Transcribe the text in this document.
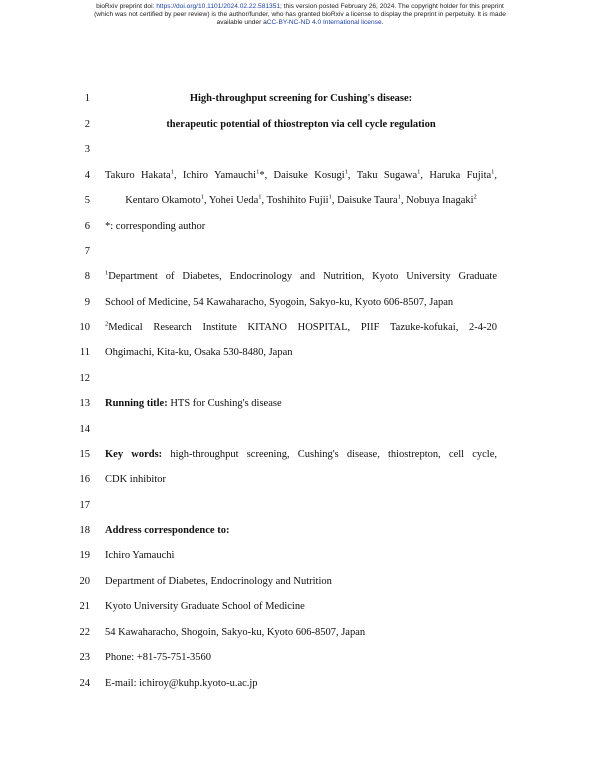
bioRxiv preprint doi: https://doi.org/10.1101/2024.02.22.581351; this version posted February 26, 2024. The copyright holder for this preprint
(which was not certified by peer review) is the author/funder, who has granted bioRxiv a license to display the preprint in perpetuity. It is made
available under aCC-BY-NC-ND 4.0 International license.
1
2
3
4
5
6
7
8
9
10
11
12
13
14
15
16
17
18
19
20
21
22
23
24
High-throughput screening for Cushing's disease:
therapeutic potential of thiostrepton via cell cycle regulation
Takuro Hakata$^1$, Ichiro Yamauchi$^1$*, Daisuke Kosugi$^1$, Taku Sugawa$^1$, Haruka Fujita$^1$,
Kentaro Okamoto$^1$, Yohei Ueda$^1$, Toshihito Fujii$^1$, Daisuke Taura$^1$, Nobuya Inagaki$^2$
*: corresponding author
$^1$Department of Diabetes, Endocrinology and Nutrition, Kyoto University Graduate
School of Medicine, 54 Kawaharacho, Syogoin, Sakyo-ku, Kyoto 606-8507, Japan
$^2$Medical Research Institute KITANO HOSPITAL, PIIF Tazuke-kofukai, 2-4-20
Ohgimachi, Kita-ku, Osaka 530-8480, Japan
Running title: HTS for Cushing's disease
Key words: high-throughput screening, Cushing's disease, thiostrepton, cell cycle,
CDK inhibitor
Address correspondence to:
Ichiro Yamauchi
Department of Diabetes, Endocrinology and Nutrition
Kyoto University Graduate School of Medicine
54 Kawaharacho, Shogoin, Sakyo-ku, Kyoto 606-8507, Japan
Phone: +81-75-751-3560
E-mail: ichiroy@kuhp.kyoto-u.ac.jp
